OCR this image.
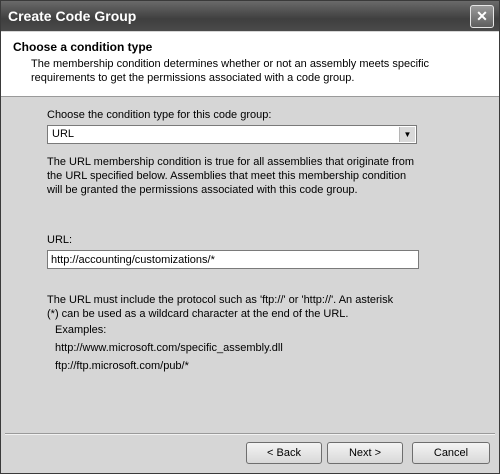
Create Code Group	✕
Choose a condition type
The membership condition determines whether or not an assembly meets specific
requirements to get the permissions associated with a code group.
Choose the condition type for this code group:
URL	▼
The URL membership condition is true for all assemblies that originate from
the URL specified below. Assemblies that meet this membership condition
will be granted the permissions associated with this code group.
URL:
http://accounting/customizations/*
The URL must include the protocol such as 'ftp://' or 'http://'. An asterisk
(*) can be used as a wildcard character at the end of the URL.
Examples:
http://www.microsoft.com/specific_assembly.dll
ftp://ftp.microsoft.com/pub/*
< Back	Next >	Cancel
